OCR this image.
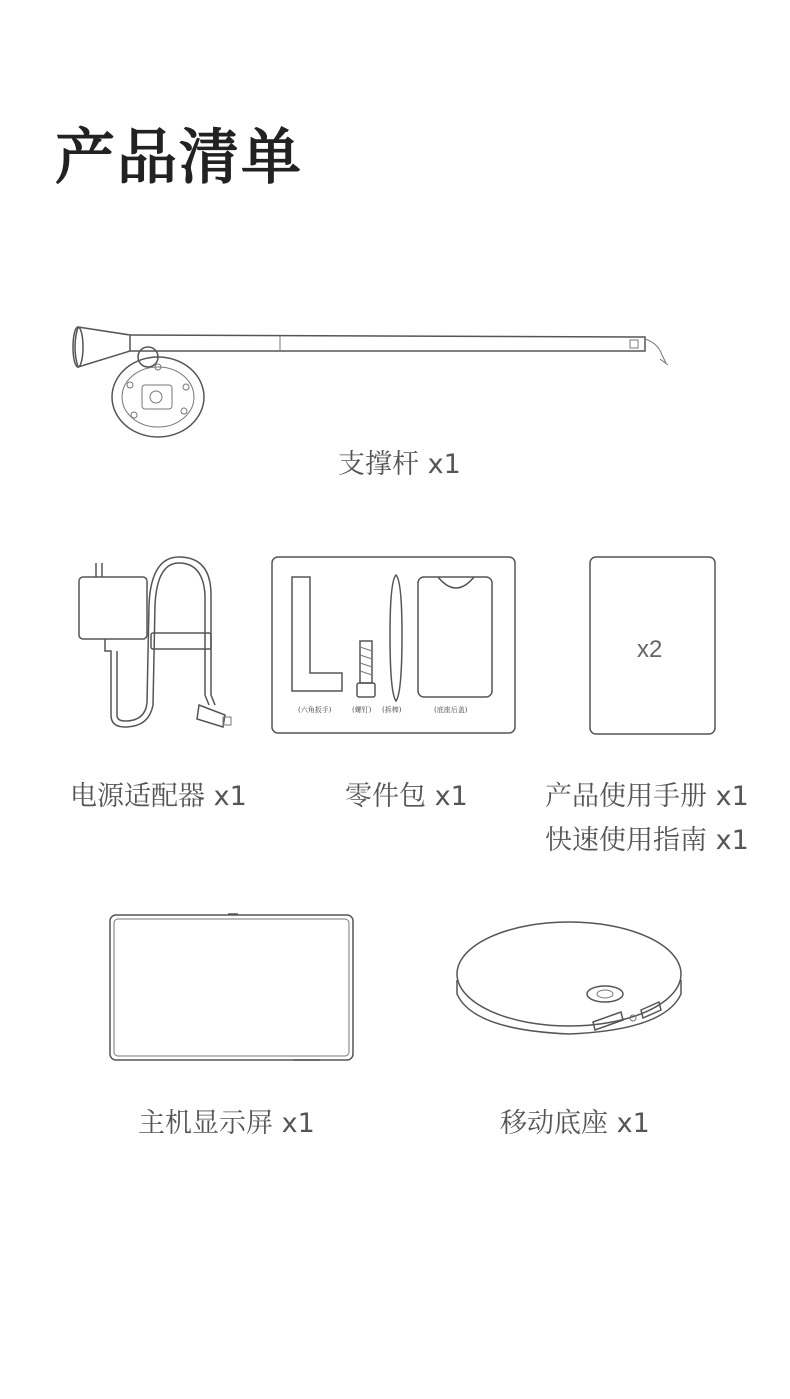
产品清单
支撑杆 x1
电源适配器 x1
(六角扳手)	(螺钉) (拆棒)	(底座后盖)
零件包 x1
x2
产品使用手册 x1
快速使用指南 x1
主机显示屏 x1	移动底座 x1
